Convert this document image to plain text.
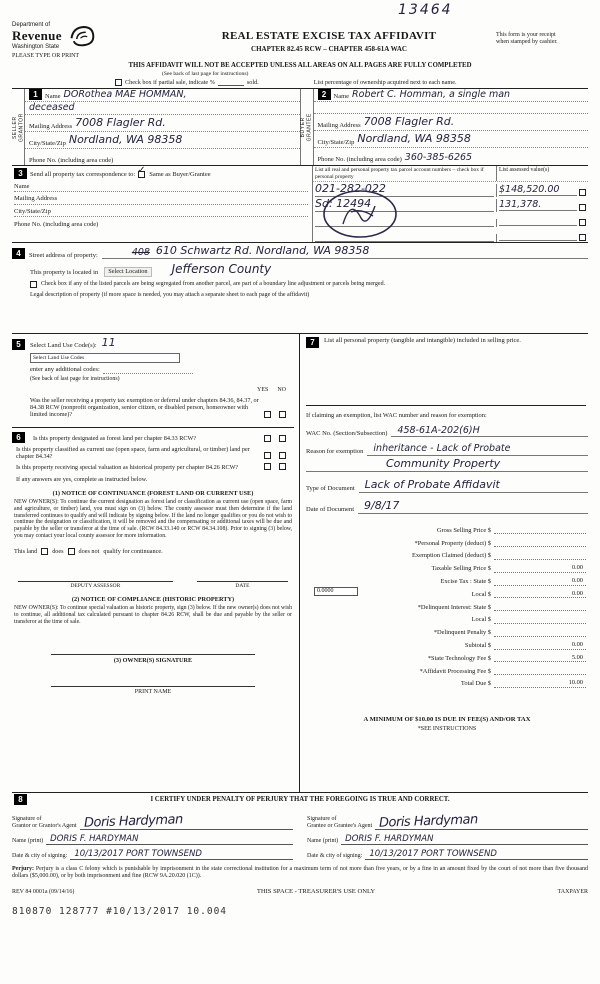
13464
Department of
Revenue
Washington State
PLEASE TYPE OR PRINT
REAL ESTATE EXCISE TAX AFFIDAVIT
CHAPTER 82.45 RCW – CHAPTER 458-61A WAC
This form is your receipt
when stamped by cashier.
THIS AFFIDAVIT WILL NOT BE ACCEPTED UNLESS ALL AREAS ON ALL PAGES ARE FULLY COMPLETED
(See back of last page for instructions)
Check box if partial sale, indicate %	sold.	List percentage of ownership acquired next to each name.
SELLER
GRANTOR
1	Name DORothea MAE HOMMAN,
deceased
Mailing Address 7008 Flagler Rd.
City/State/Zip Nordland, WA 98358
Phone No. (including area code)
BUYER
GRANTEE
2	Name Robert C. Homman, a single man
Mailing Address 7008 Flagler Rd.
City/State/Zip Nordland, WA 98358
Phone No. (including area code) 360-385-6265
3	Send all property tax correspondence to: ✓ Same as Buyer/Grantee
Name
Mailing Address
City/State/Zip
Phone No. (including area code)
List all real and personal property tax parcel account numbers – check box if personal property
List assessed value(s)
021-282-022	$148,520.00
Sd: 12494	131,378.
4	Street address of property:	408 610 Schwartz Rd. Nordland, WA 98358
This property is located in	Select Location	Jefferson County
Check box if any of the listed parcels are being segregated from another parcel, are part of a boundary line adjustment or parcels being merged.
Legal description of property (if more space is needed, you may attach a separate sheet to each page of the affidavit)
5	Select Land Use Code(s): 11
Select Land Use Codes
enter any additional codes:
(See back of last page for instructions)
YES NO
Was the seller receiving a property tax exemption or deferral under chapters 84.36, 84.37, or 84.38 RCW (nonprofit organization, senior citizen, or disabled person, homeowner with limited income)?
6	Is this property designated as forest land per chapter 84.33 RCW?
Is this property classified as current use (open space, farm and agricultural, or timber) land per chapter 84.34?
Is this property receiving special valuation as historical property per chapter 84.26 RCW?
If any answers are yes, complete as instructed below.
(1) NOTICE OF CONTINUANCE (FOREST LAND OR CURRENT USE)
NEW OWNER(S): To continue the current designation as forest land or classification as current use (open space, farm and agriculture, or timber) land, you must sign on (3) below. The county assessor must then determine if the land transferred continues to qualify and will indicate by signing below. If the land no longer qualifies or you do not wish to continue the designation or classification, it will be removed and the compensating or additional taxes will be due and payable by the seller or transferor at the time of sale. (RCW 84.33.140 or RCW 84.34.108). Prior to signing (3) below, you may contact your local county assessor for more information.
This land does does not qualify for continuance.
DEPUTY ASSESSOR	DATE
(2) NOTICE OF COMPLIANCE (HISTORIC PROPERTY)
NEW OWNER(S): To continue special valuation as historic property, sign (3) below. If the new owner(s) does not wish to continue, all additional tax calculated pursuant to chapter 84.26 RCW, shall be due and payable by the seller or transferor at the time of sale.
(3) OWNER(S) SIGNATURE
PRINT NAME
7	List all personal property (tangible and intangible) included in selling price.
If claiming an exemption, list WAC number and reason for exemption:
WAC No. (Section/Subsection) 458-61A-202(6)H
Reason for exemption inheritance - Lack of Probate
Community Property
Type of Document Lack of Probate Affidavit
Date of Document 9/8/17
Gross Selling Price $
*Personal Property (deduct) $
Exemption Claimed (deduct) $
Taxable Selling Price $	0.00
Excise Tax : State $	0.00
0.0000	Local $	0.00
*Delinquent Interest: State $
Local $
*Delinquent Penalty $
Subtotal $	0.00
*State Technology Fee $	5.00
*Affidavit Processing Fee $
Total Due $	10.00
A MINIMUM OF $10.00 IS DUE IN FEE(S) AND/OR TAX
*SEE INSTRUCTIONS
8	I CERTIFY UNDER PENALTY OF PERJURY THAT THE FOREGOING IS TRUE AND CORRECT.
Signature of
Grantor or Grantor's Agent Doris Hardyman
Name (print) DORIS F. HARDYMAN
Date & city of signing: 10/13/2017 PORT TOWNSEND
Signature of
Grantee or Grantee's Agent Doris Hardyman
Name (print) DORIS F. HARDYMAN
Date & city of signing: 10/13/2017 PORT TOWNSEND
Perjury: Perjury is a class C felony which is punishable by imprisonment in the state correctional institution for a maximum term of not more than five years, or by a fine in an amount fixed by the court of not more than five thousand dollars ($5,000.00), or by both imprisonment and fine (RCW 9A.20.020 (1C)).
REV 84 0001a (09/14/16)	THIS SPACE - TREASURER'S USE ONLY	TAXPAYER
810870 128777 #10/13/2017 10.004
